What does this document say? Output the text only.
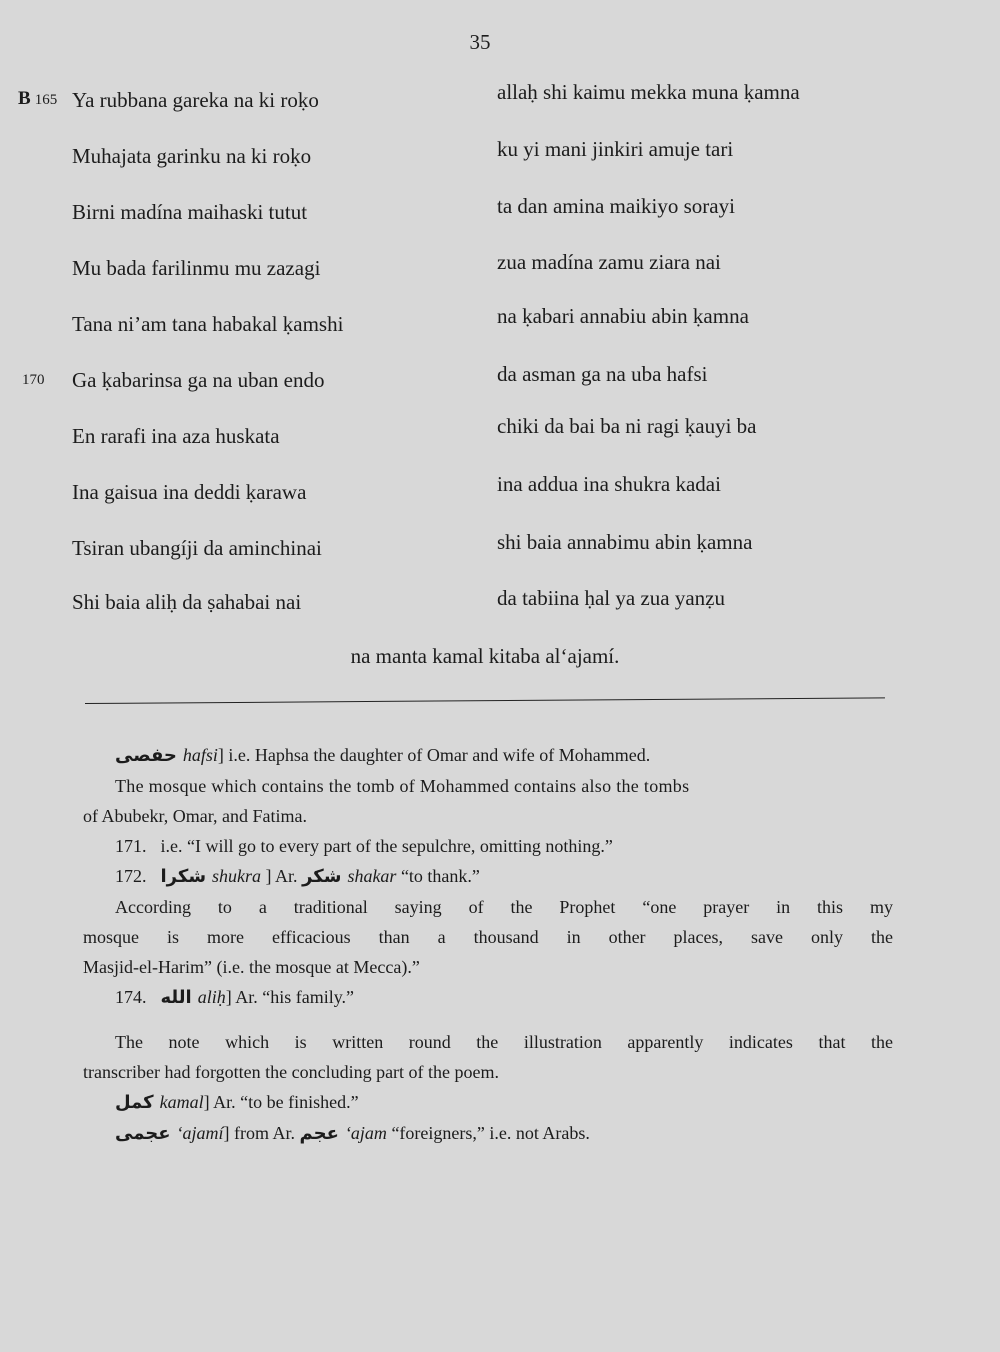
35
B 165 Ya rubbana gareka na ki roḳo	allaḥ shi kaimu mekka muna ḳamna
Muhajata garinku na ki roḳo	ku yi mani jinkiri amuje tari
Birni madína maihaski tutut	ta dan amina maikiyo sorayi
Mu bada farilinmu mu zazagi	zua madína zamu ziara nai
Tana ni’am tana habakal ḳamshi	na ḳabari annabiu abin ḳamna
170	Ga ḳabarinsa ga na uban endo	da asman ga na uba hafsi
En rarafi ina aza huskata	chiki da bai ba ni ragi ḳauyi ba
Ina gaisua ina deddi ḳarawa	ina addua ina shukra kadai
Tsiran ubangíji da aminchinai	shi baia annabimu abin ḳamna
Shi baia aliḥ da ṣahabai nai	da tabiina ḥal ya zua yanẓu
na manta kamal kitaba al‘ajamí.
حفصى hafsi] i.e. Haphsa the daughter of Omar and wife of Mohammed.
The mosque which contains the tomb of Mohammed contains also the tombs
of Abubekr, Omar, and Fatima.
171. i.e. “I will go to every part of the sepulchre, omitting nothing.”
172. شكرا shukra ] Ar. شكر shakar “to thank.”
According to a traditional saying of the Prophet “one prayer in this my
mosque is more efficacious than a thousand in other places, save only the
Masjid-el-Harim” (i.e. the mosque at Mecca).”
174. الله aliḥ] Ar. “his family.”
The note which is written round the illustration apparently indicates that the
transcriber had forgotten the concluding part of the poem.
كمل kamal] Ar. “to be finished.”
عجمى ‘ajamí] from Ar. عجم ‘ajam “foreigners,” i.e. not Arabs.
